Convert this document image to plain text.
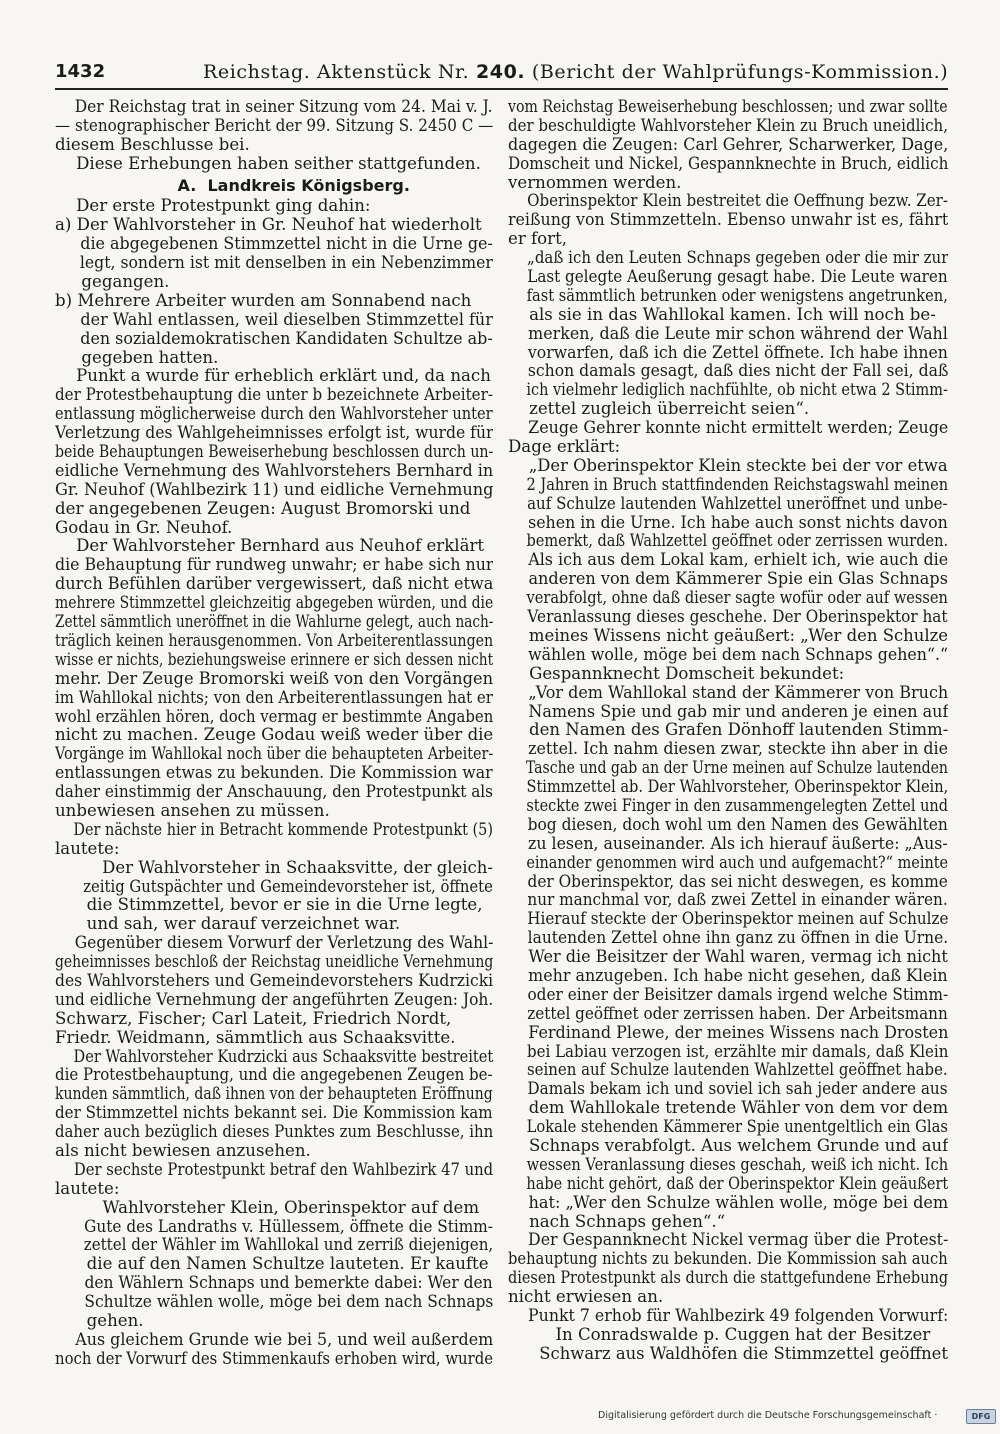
1432	Reichstag. Aktenstück Nr. 240. (Bericht der Wahlprüfungs-Kommission.)
Der Reichstag trat in seiner Sitzung vom 24. Mai v. J.
— stenographischer Bericht der 99. Sitzung S. 2450 C —
diesem Beschlusse bei.
Diese Erhebungen haben seither stattgefunden.
A.  Landkreis Königsberg.
Der erste Protestpunkt ging dahin:
a) Der Wahlvorsteher in Gr. Neuhof hat wiederholt
die abgegebenen Stimmzettel nicht in die Urne ge-
legt, sondern ist mit denselben in ein Nebenzimmer
gegangen.
b) Mehrere Arbeiter wurden am Sonnabend nach
der Wahl entlassen, weil dieselben Stimmzettel für
den sozialdemokratischen Kandidaten Schultze ab-
gegeben hatten.
Punkt a wurde für erheblich erklärt und, da nach
der Protestbehauptung die unter b bezeichnete Arbeiter-
entlassung möglicherweise durch den Wahlvorsteher unter
Verletzung des Wahlgeheimnisses erfolgt ist, wurde für
beide Behauptungen Beweiserhebung beschlossen durch un-
eidliche Vernehmung des Wahlvorstehers Bernhard in
Gr. Neuhof (Wahlbezirk 11) und eidliche Vernehmung
der angegebenen Zeugen: August Bromorski und
Godau in Gr. Neuhof.
Der Wahlvorsteher Bernhard aus Neuhof erklärt
die Behauptung für rundweg unwahr; er habe sich nur
durch Befühlen darüber vergewissert, daß nicht etwa
mehrere Stimmzettel gleichzeitig abgegeben würden, und die
Zettel sämmtlich uneröffnet in die Wahlurne gelegt, auch nach-
träglich keinen herausgenommen. Von Arbeiterentlassungen
wisse er nichts, beziehungsweise erinnere er sich dessen nicht
mehr. Der Zeuge Bromorski weiß von den Vorgängen
im Wahllokal nichts; von den Arbeiterentlassungen hat er
wohl erzählen hören, doch vermag er bestimmte Angaben
nicht zu machen. Zeuge Godau weiß weder über die
Vorgänge im Wahllokal noch über die behaupteten Arbeiter-
entlassungen etwas zu bekunden. Die Kommission war
daher einstimmig der Anschauung, den Protestpunkt als
unbewiesen ansehen zu müssen.
Der nächste hier in Betracht kommende Protestpunkt (5)
lautete:
Der Wahlvorsteher in Schaaksvitte, der gleich-
zeitig Gutspächter und Gemeindevorsteher ist, öffnete
die Stimmzettel, bevor er sie in die Urne legte,
und sah, wer darauf verzeichnet war.
Gegenüber diesem Vorwurf der Verletzung des Wahl-
geheimnisses beschloß der Reichstag uneidliche Vernehmung
des Wahlvorstehers und Gemeindevorstehers Kudrzicki
und eidliche Vernehmung der angeführten Zeugen: Joh.
Schwarz, Fischer; Carl Lateit, Friedrich Nordt,
Friedr. Weidmann, sämmtlich aus Schaaksvitte.
Der Wahlvorsteher Kudrzicki aus Schaaksvitte bestreitet
die Protestbehauptung, und die angegebenen Zeugen be-
kunden sämmtlich, daß ihnen von der behaupteten Eröffnung
der Stimmzettel nichts bekannt sei. Die Kommission kam
daher auch bezüglich dieses Punktes zum Beschlusse, ihn
als nicht bewiesen anzusehen.
Der sechste Protestpunkt betraf den Wahlbezirk 47 und
lautete:
Wahlvorsteher Klein, Oberinspektor auf dem
Gute des Landraths v. Hüllessem, öffnete die Stimm-
zettel der Wähler im Wahllokal und zerriß diejenigen,
die auf den Namen Schultze lauteten. Er kaufte
den Wählern Schnaps und bemerkte dabei: Wer den
Schultze wählen wolle, möge bei dem nach Schnaps
gehen.
Aus gleichem Grunde wie bei 5, und weil außerdem
noch der Vorwurf des Stimmenkaufs erhoben wird, wurde
vom Reichstag Beweiserhebung beschlossen; und zwar sollte
der beschuldigte Wahlvorsteher Klein zu Bruch uneidlich,
dagegen die Zeugen: Carl Gehrer, Scharwerker, Dage,
Domscheit und Nickel, Gespannknechte in Bruch, eidlich
vernommen werden.
Oberinspektor Klein bestreitet die Oeffnung bezw. Zer-
reißung von Stimmzetteln. Ebenso unwahr ist es, fährt
er fort,
„daß ich den Leuten Schnaps gegeben oder die mir zur
Last gelegte Aeußerung gesagt habe. Die Leute waren
fast sämmtlich betrunken oder wenigstens angetrunken,
als sie in das Wahllokal kamen. Ich will noch be-
merken, daß die Leute mir schon während der Wahl
vorwarfen, daß ich die Zettel öffnete. Ich habe ihnen
schon damals gesagt, daß dies nicht der Fall sei, daß
ich vielmehr lediglich nachfühlte, ob nicht etwa 2 Stimm-
zettel zugleich überreicht seien“.
Zeuge Gehrer konnte nicht ermittelt werden; Zeuge
Dage erklärt:
„Der Oberinspektor Klein steckte bei der vor etwa
2 Jahren in Bruch stattfindenden Reichstagswahl meinen
auf Schulze lautenden Wahlzettel uneröffnet und unbe-
sehen in die Urne. Ich habe auch sonst nichts davon
bemerkt, daß Wahlzettel geöffnet oder zerrissen wurden.
Als ich aus dem Lokal kam, erhielt ich, wie auch die
anderen von dem Kämmerer Spie ein Glas Schnaps
verabfolgt, ohne daß dieser sagte wofür oder auf wessen
Veranlassung dieses geschehe. Der Oberinspektor hat
meines Wissens nicht geäußert: „Wer den Schulze
wählen wolle, möge bei dem nach Schnaps gehen“.“
Gespannknecht Domscheit bekundet:
„Vor dem Wahllokal stand der Kämmerer von Bruch
Namens Spie und gab mir und anderen je einen auf
den Namen des Grafen Dönhoff lautenden Stimm-
zettel. Ich nahm diesen zwar, steckte ihn aber in die
Tasche und gab an der Urne meinen auf Schulze lautenden
Stimmzettel ab. Der Wahlvorsteher, Oberinspektor Klein,
steckte zwei Finger in den zusammengelegten Zettel und
bog diesen, doch wohl um den Namen des Gewählten
zu lesen, auseinander. Als ich hierauf äußerte: „Aus-
einander genommen wird auch und aufgemacht?“ meinte
der Oberinspektor, das sei nicht deswegen, es komme
nur manchmal vor, daß zwei Zettel in einander wären.
Hierauf steckte der Oberinspektor meinen auf Schulze
lautenden Zettel ohne ihn ganz zu öffnen in die Urne.
Wer die Beisitzer der Wahl waren, vermag ich nicht
mehr anzugeben. Ich habe nicht gesehen, daß Klein
oder einer der Beisitzer damals irgend welche Stimm-
zettel geöffnet oder zerrissen haben. Der Arbeitsmann
Ferdinand Plewe, der meines Wissens nach Drosten
bei Labiau verzogen ist, erzählte mir damals, daß Klein
seinen auf Schulze lautenden Wahlzettel geöffnet habe.
Damals bekam ich und soviel ich sah jeder andere aus
dem Wahllokale tretende Wähler von dem vor dem
Lokale stehenden Kämmerer Spie unentgeltlich ein Glas
Schnaps verabfolgt. Aus welchem Grunde und auf
wessen Veranlassung dieses geschah, weiß ich nicht. Ich
habe nicht gehört, daß der Oberinspektor Klein geäußert
hat: „Wer den Schulze wählen wolle, möge bei dem
nach Schnaps gehen“.“
Der Gespannknecht Nickel vermag über die Protest-
behauptung nichts zu bekunden. Die Kommission sah auch
diesen Protestpunkt als durch die stattgefundene Erhebung
nicht erwiesen an.
Punkt 7 erhob für Wahlbezirk 49 folgenden Vorwurf:
In Conradswalde p. Cuggen hat der Besitzer
Schwarz aus Waldhöfen die Stimmzettel geöffnet
Digitalisierung gefördert durch die Deutsche Forschungsgemeinschaft ·	DFG
